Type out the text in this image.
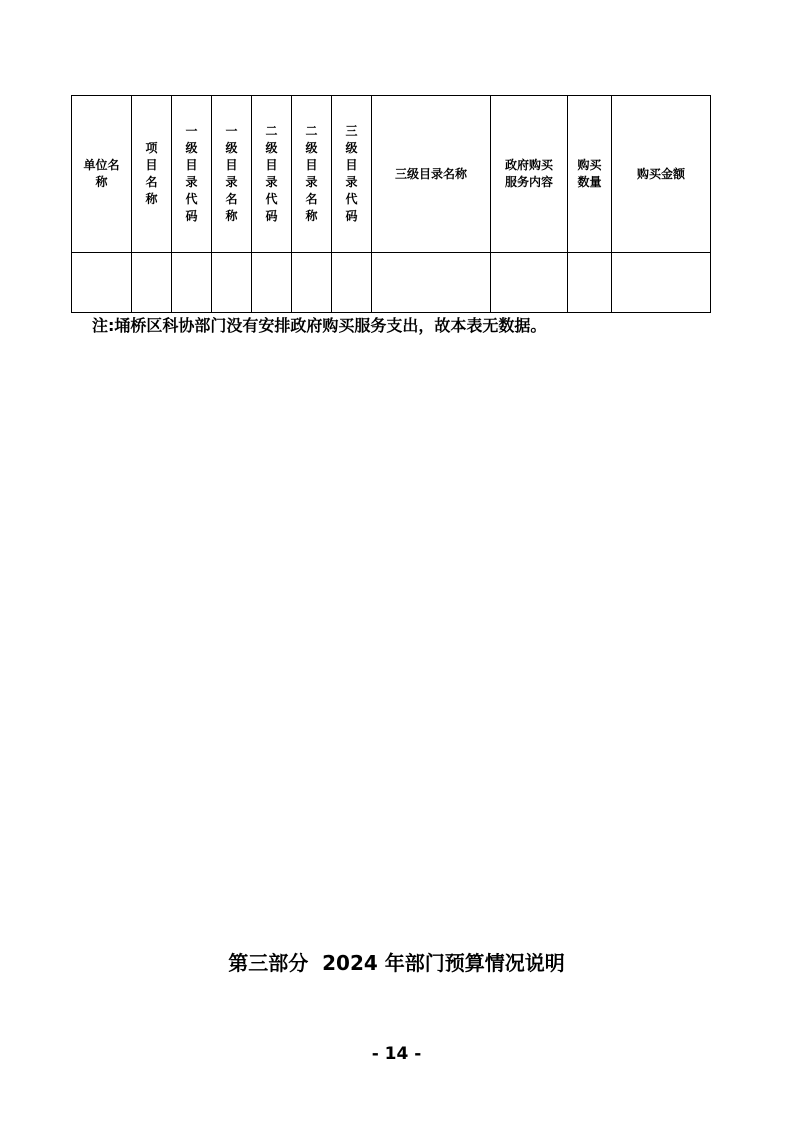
单位名称	项目名称	一级目录代码	一级目录名称	二级目录代码	二级目录名称	三级目录代码	三级目录名称	政府购买服务内容	购买数量	购买金额

注:埇桥区科协部门没有安排政府购买服务支出，故本表无数据。
第三部分  2024 年部门预算情况说明
- 14 -
